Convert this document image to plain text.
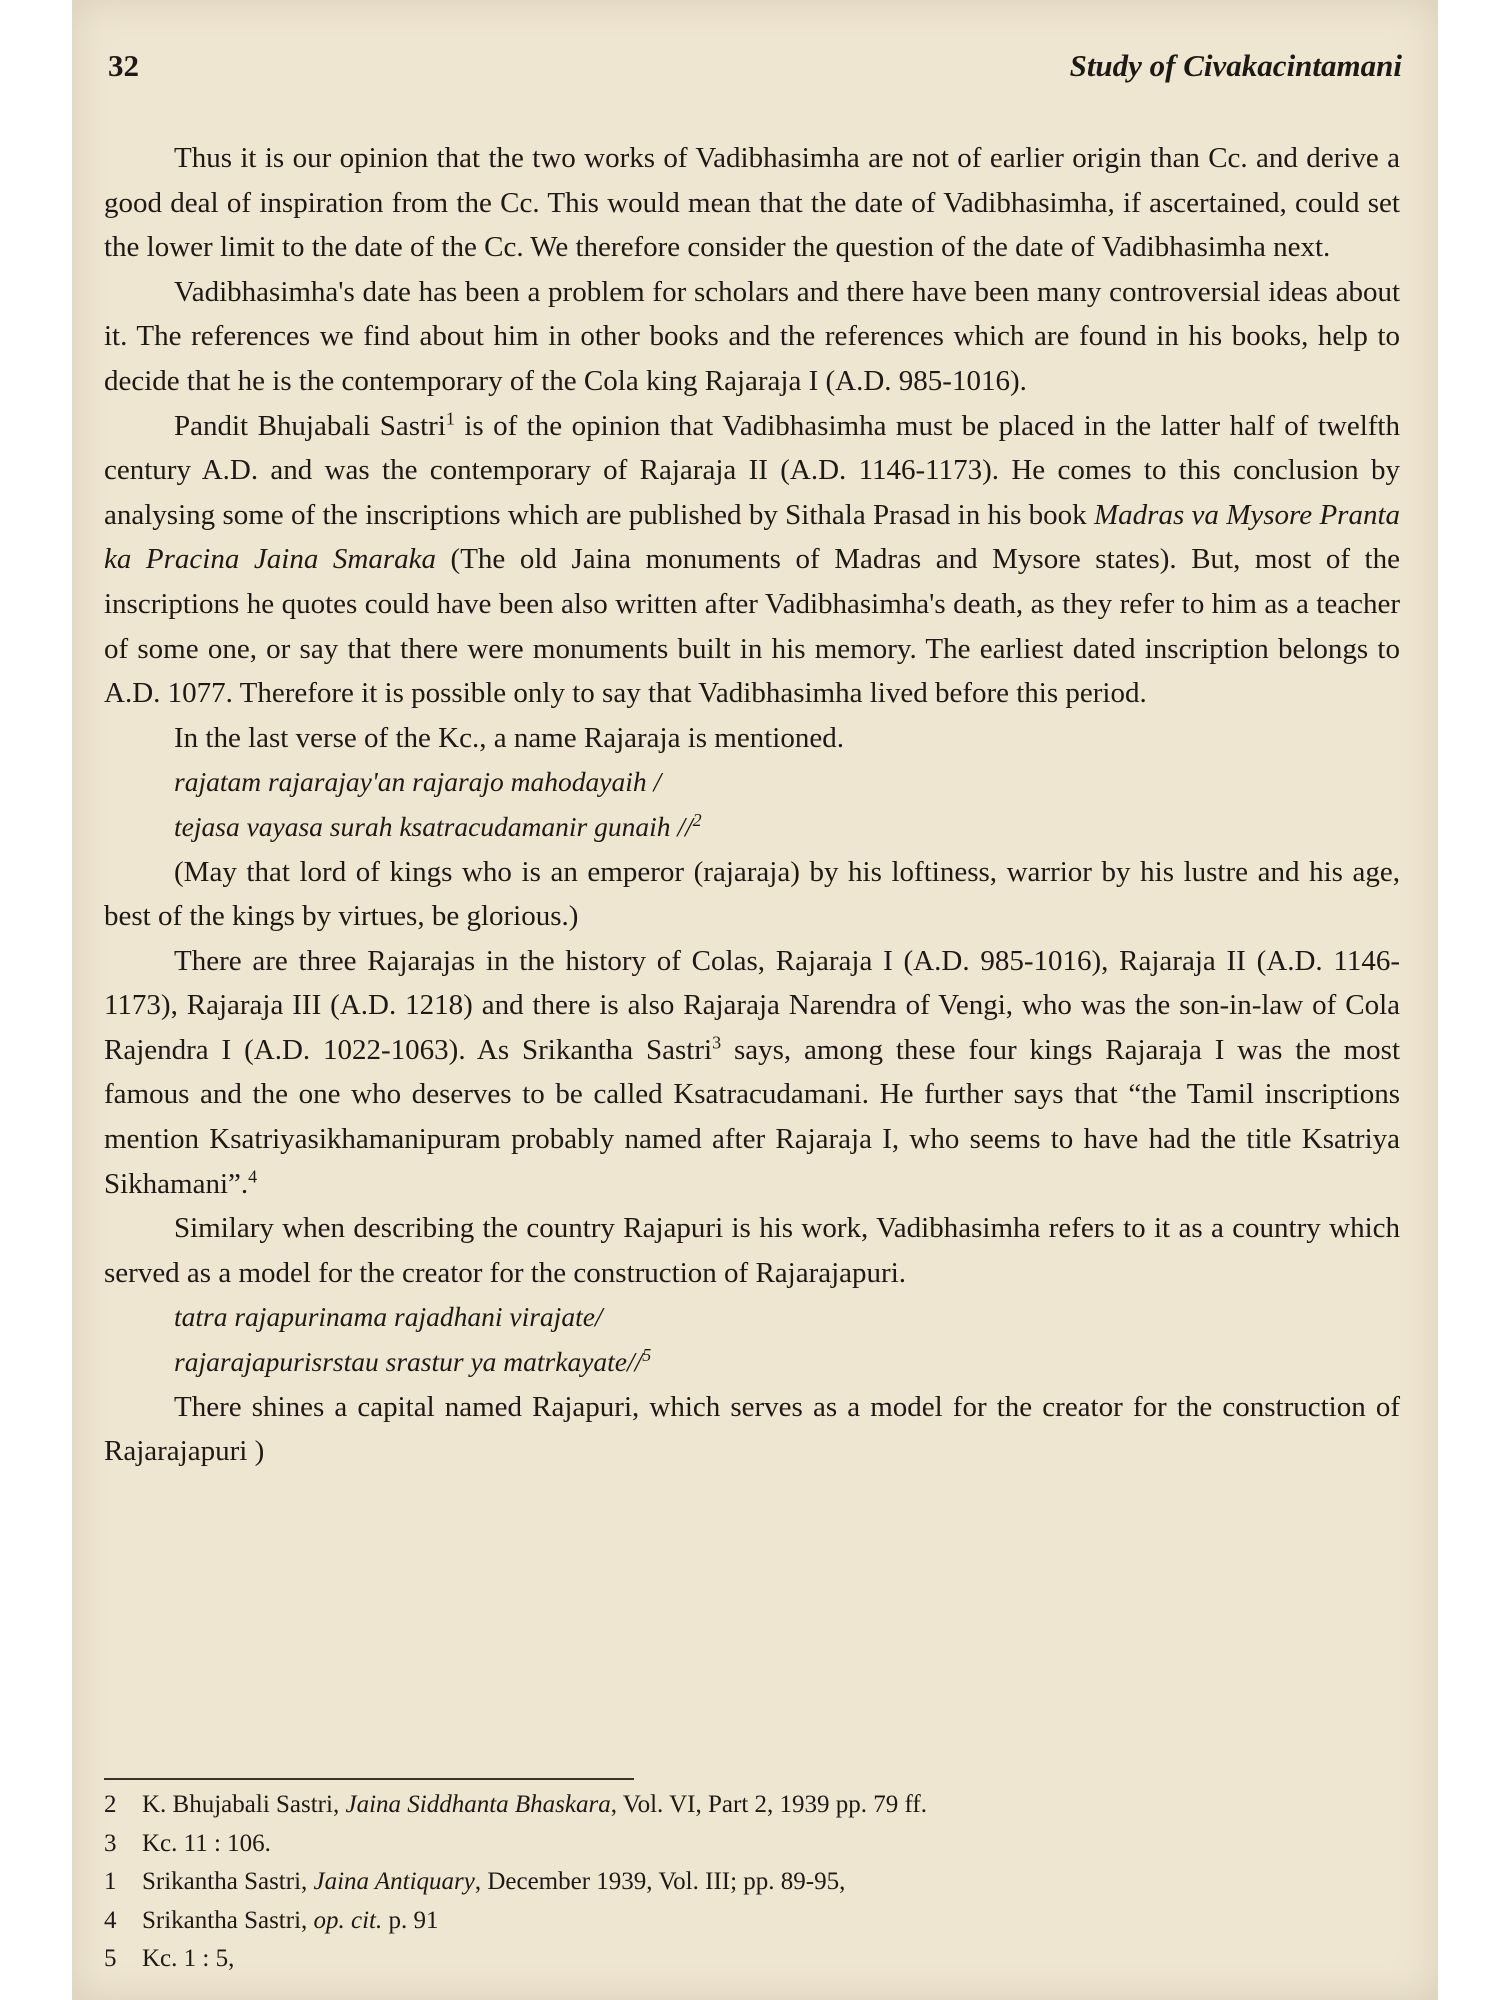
32	Study of Civakacintamani

Thus it is our opinion that the two works of Vadibhasimha are not of earlier origin than Cc. and derive a good deal of inspiration from the Cc. This would mean that the date of Vadibhasimha, if ascertained, could set the lower limit to the date of the Cc. We therefore consider the question of the date of Vadibhasimha next.

Vadibhasimha's date has been a problem for scholars and there have been many controversial ideas about it. The references we find about him in other books and the references which are found in his books, help to decide that he is the contemporary of the Cola king Rajaraja I (A.D. 985-1016).

Pandit Bhujabali Sastri$^1$ is of the opinion that Vadibhasimha must be placed in the latter half of twelfth century A.D. and was the contemporary of Rajaraja II (A.D. 1146-1173). He comes to this conclusion by analysing some of the inscriptions which are published by Sithala Prasad in his book Madras va Mysore Pranta ka Pracina Jaina Smaraka (The old Jaina monuments of Madras and Mysore states). But, most of the inscriptions he quotes could have been also written after Vadibhasimha's death, as they refer to him as a teacher of some one, or say that there were monuments built in his memory. The earliest dated inscription belongs to A.D. 1077. Therefore it is possible only to say that Vadibhasimha lived before this period.

In the last verse of the Kc., a name Rajaraja is mentioned.

rajatam rajarajay'an rajarajo mahodayaih /

tejasa vayasa surah ksatracudamanir gunaih //$^2$

(May that lord of kings who is an emperor (rajaraja) by his loftiness, warrior by his lustre and his age, best of the kings by virtues, be glorious.)

There are three Rajarajas in the history of Colas, Rajaraja I (A.D. 985-1016), Rajaraja II (A.D. 1146-1173), Rajaraja III (A.D. 1218) and there is also Rajaraja Narendra of Vengi, who was the son-in-law of Cola Rajendra I (A.D. 1022-1063). As Srikantha Sastri$^3$ says, among these four kings Rajaraja I was the most famous and the one who deserves to be called Ksatracudamani. He further says that “the Tamil inscriptions mention Ksatriyasikhamanipuram probably named after Rajaraja I, who seems to have had the title Ksatriya Sikhamani”.$^4$

Similary when describing the country Rajapuri is his work, Vadibhasimha refers to it as a country which served as a model for the creator for the construction of Rajarajapuri.

tatra rajapurinama rajadhani virajate/

rajarajapurisrstau srastur ya matrkayate//$^5$

There shines a capital named Rajapuri, which serves as a model for the creator for the construction of Rajarajapuri )

2 K. Bhujabali Sastri, Jaina Siddhanta Bhaskara, Vol. VI, Part 2, 1939 pp. 79 ff.

3 Kc. 11 : 106.

1 Srikantha Sastri, Jaina Antiquary, December 1939, Vol. III; pp. 89-95,

4 Srikantha Sastri, op. cit. p. 91

5 Kc. 1 : 5,
